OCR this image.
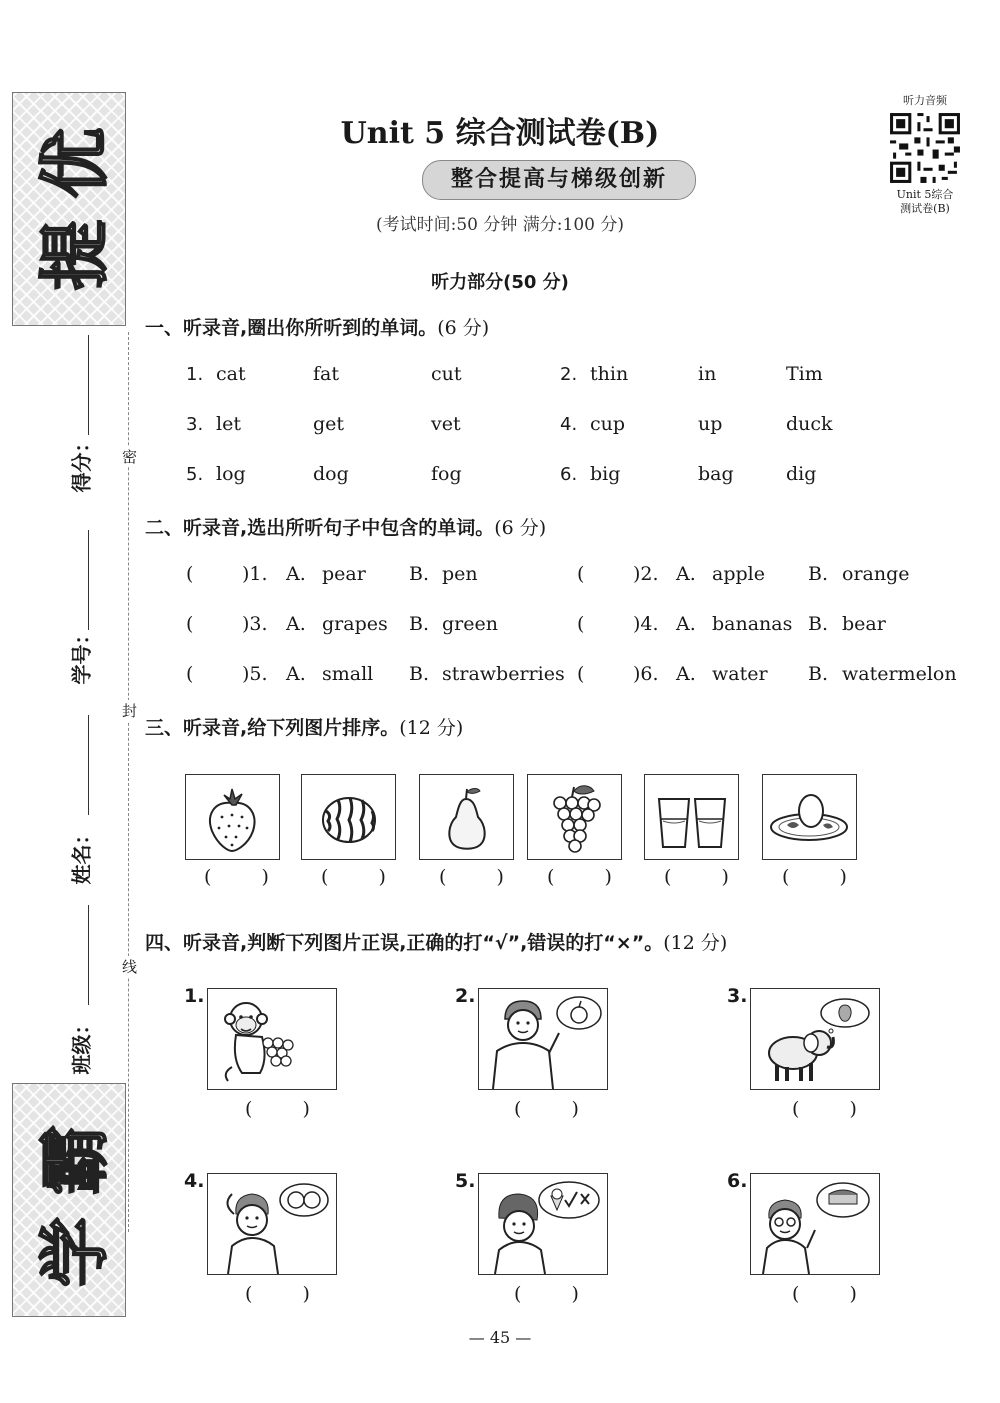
提
优
学
霸
得分：
学号：
姓名：
班级：
密
封
线
Unit 5 综合测试卷(B)
整合提高与梯级创新
(考试时间:50 分钟 满分:100 分)
听力音频
Unit 5综合
测试卷(B)
听力部分(50 分)
一、听录音,圈出你所听到的单词。(6 分)
1. cat	fat	cut	2. thin	in	Tim
3. let	get	vet	4. cup	up	duck
5. log	dog	fog	6. big	bag	dig
二、听录音,选出所听句子中包含的单词。(6 分)
(	)1. A. pear B. pen	(	)2. A. apple B. orange
(	)3. A. grapes B. green	(	)4. A. bananas B. bear
(	)5. A. small B. strawberries (	)6. A. water B. watermelon
三、听录音,给下列图片排序。(12 分)
( ) ( ) ( ) ( ) ( ) ( )
四、听录音,判断下列图片正误,正确的打“√”,错误的打“×”。(12 分)
1.	2.	3.
( )	( )	( )
4.	5.	6.
( )	( )	( )
— 45 —
